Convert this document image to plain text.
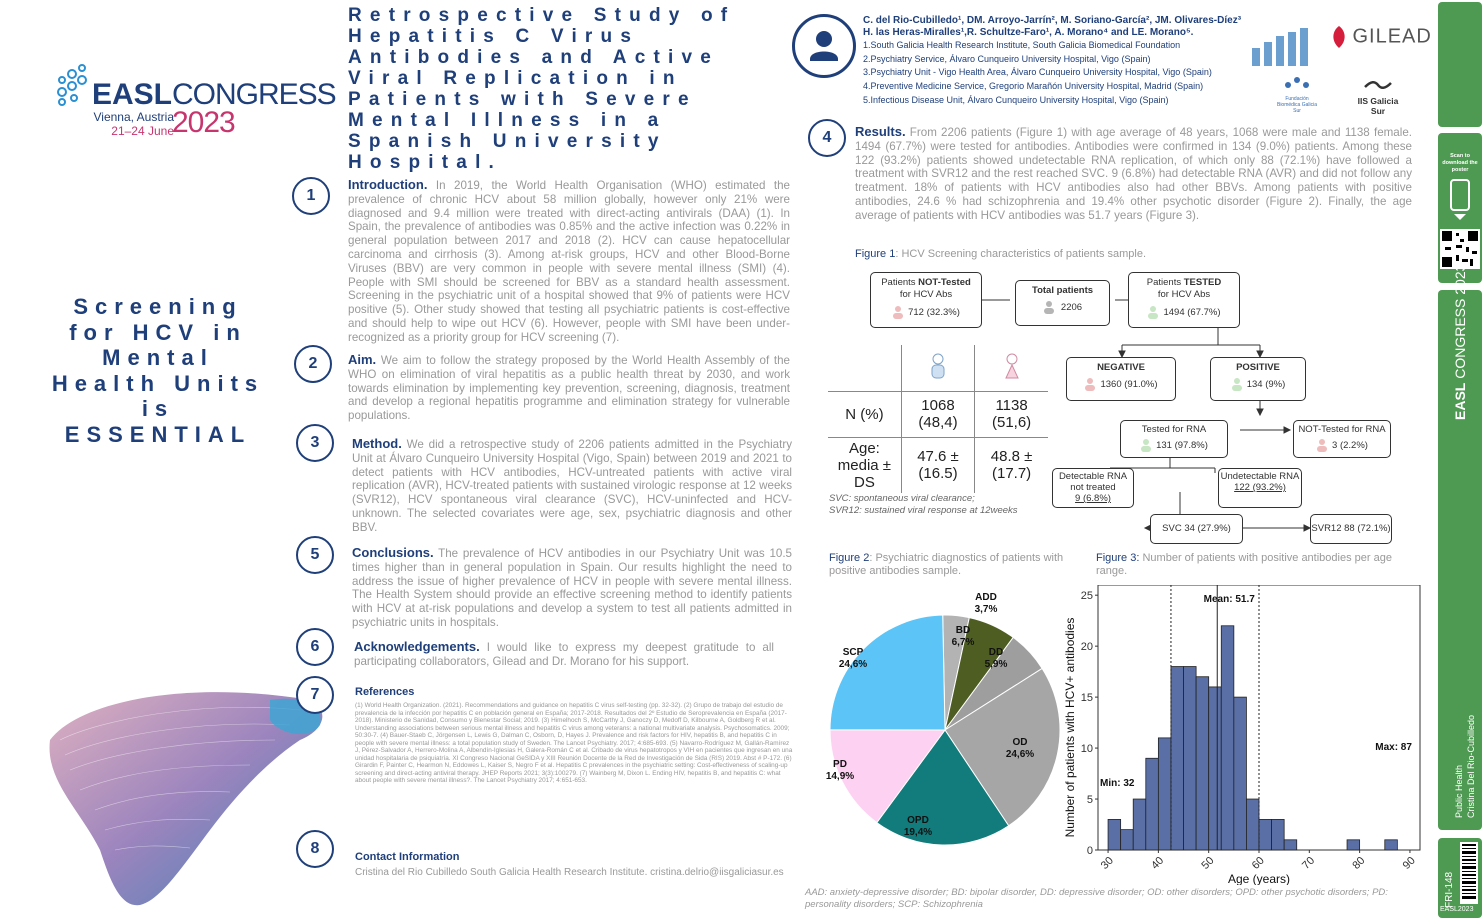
EASL CONGRESS
Vienna, Austria
21–24 June
2023
Retrospective Study of Hepatitis C Virus Antibodies and Active Viral Replication in Patients with Severe Mental Illness in a Spanish University Hospital.
Screening for HCV in Mental Health Units is ESSENTIAL
1
Introduction. In 2019, the World Health Organisation (WHO) estimated the prevalence of chronic HCV about 58 million globally, however only 21% were diagnosed and 9.4 million were treated with direct-acting antivirals (DAA) (1). In Spain, the prevalence of antibodies was 0.85% and the active infection was 0.22% in general population between 2017 and 2018 (2). HCV can cause hepatocellular carcinoma and cirrhosis (3). Among at-risk groups, HCV and other Blood-Borne Viruses (BBV) are very common in people with severe mental illness (SMI) (4). People with SMI should be screened for BBV as a standard health assessment. Screening in the psychiatric unit of a hospital showed that 9% of patients were HCV positive (5). Other study showed that testing all psychiatric patients is cost-effective and should help to wipe out HCV (6). However, people with SMI have been under-recognized as a priority group for HCV screening (7).
2	Aim. We aim to follow the strategy proposed by the World Health Assembly of the WHO on elimination of viral hepatitis as a public health threat by 2030, and work towards elimination by implementing key prevention, screening, diagnosis, treatment and develop a regional hepatitis programme and elimination strategy for vulnerable populations.
3	Method. We did a retrospective study of 2206 patients admitted in the Psychiatry Unit at Álvaro Cunqueiro University Hospital (Vigo, Spain) between 2019 and 2021 to detect patients with HCV antibodies, HCV-untreated patients with active viral replication (AVR), HCV-treated patients with sustained virologic response at 12 weeks (SVR12), HCV spontaneous viral clearance (SVC), HCV-uninfected and HCV-unknown. The selected covariates were age, sex, psychiatric diagnosis and other BBV.
5	Conclusions. The prevalence of HCV antibodies in our Psychiatry Unit was 10.5 times higher than in general population in Spain. Our results highlight the need to address the issue of higher prevalence of HCV in people with severe mental illness. The Health System should provide an effective screening method to identify patients with HCV at at-risk populations and develop a system to test all patients admitted in psychiatric units in hospitals.
6	Acknowledgements. I would like to express my deepest gratitude to all participating collaborators, Gilead and Dr. Morano for his support.
7	References
(1) World Health Organization. (2021). Recommendations and guidance on hepatitis C virus self-testing (pp. 32-32). (2) Grupo de trabajo del estudio de prevalencia de la infección por hepatitis C en población general en España; 2017-2018. Resultados del 2º Estudio de Seroprevalencia en España (2017-2018). Ministerio de Sanidad, Consumo y Bienestar Social; 2019. (3) Himelhoch S, McCarthy J, Ganoczy D, Medoff D, Kilbourne A, Goldberg R et al. Understanding associations between serious mental illness and hepatitis C virus among veterans: a national multivariate analysis. Psychosomatics. 2009; 50:30-7. (4) Bauer-Staeb C, Jörgensen L, Lewis G, Dalman C, Osborn, D, Hayes J. Prevalence and risk factors for HIV, hepatitis B, and hepatitis C in people with severe mental illness: a total population study of Sweden. The Lancet Psychiatry. 2017; 4:685-693. (5) Navarro-Rodríguez M, Gallán-Ramírez J, Pérez-Salvador A, Herrero-Molina A, Albendín-Iglesias H, Galera-Román C et al. Cribado de virus hepatotropos y VIH en pacientes que ingresan en una unidad hospitalaria de psiquiatría. XI Congreso Nacional GeSIDA y XIII Reunión Docente de la Red de Investigación de Sida (RIS) 2019. Abst # P-172. (6) Girardin F, Painter C, Hearmon N, Eddowes L, Kaiser S, Negro F et al. Hepatitis C prevalences in the psychiatric setting: Cost-effectiveness of scaling-up screening and direct-acting antiviral therapy. JHEP Reports 2021; 3(3):100279. (7) Wainberg M, Dixon L. Ending HIV, hepatitis B, and hepatitis C: what about people with severe mental illness?. The Lancet Psychiatry 2017; 4:651-653.
8	Contact Information
Cristina del Rio Cubilledo South Galicia Health Research Institute. cristina.delrio@iisgaliciasur.es
C. del Rio-Cubilledo¹, DM. Arroyo-Jarrín², M. Soriano-García², JM. Olivares-Díez³
H. las Heras-Miralles¹,R. Schultze-Faro¹, A. Morano⁴ and LE. Morano⁵.
1.South Galicia Health Research Institute, South Galicia Biomedical Foundation
2.Psychiatry Service, Álvaro Cunqueiro University Hospital, Vigo (Spain)
3.Psychiatry Unit - Vigo Health Area, Álvaro Cunqueiro University Hospital, Vigo (Spain)
4.Preventive Medicine Service, Gregorio Marañón University Hospital, Madrid (Spain)
5.Infectious Disease Unit, Álvaro Cunqueiro University Hospital, Vigo (Spain)
GILEAD
Fundación Biomédica Galicia Sur
IIS Galicia Sur
4	Results. From 2206 patients (Figure 1) with age average of 48 years, 1068 were male and 1138 female. 1494 (67.7%) were tested for antibodies. Antibodies were confirmed in 134 (9.0%) patients. Among these 122 (93.2%) patients showed undetectable RNA replication, of which only 88 (72.1%) have followed a treatment with SVR12 and the rest reached SVC. 9 (6.8%) had detectable RNA (AVR) and did not follow any treatment. 18% of patients with HCV antibodies also had other BBVs. Among patients with positive antibodies, 24.6 % had schizophrenia and 19.4% other psychotic disorder (Figure 2). Finally, the age average of patients with HCV antibodies was 51.7 years (Figure 3).
Figure 1: HCV Screening characteristics of patients sample.
Patients NOT-Tested
for HCV Abs
712 (32.3%)
Total patients
2206
Patients TESTED
for HCV Abs
1494 (67.7%)
NEGATIVE
1360 (91.0%)
POSITIVE
134 (9%)
Tested for RNA
131 (97.8%)
NOT-Tested for RNA
3 (2.2%)
Detectable RNA not treated
9 (6.8%)
Undetectable RNA
122 (93.2%)
SVC 34 (27.9%)	SVR12 88 (72.1%)

N (%)	1068 (48,4)	1138 (51,6)
Age: media ± DS	47.6 ± (16.5)	48.8 ± (17.7)
SVC: spontaneous viral clearance;
SVR12: sustained viral response at 12weeks
Figure 2: Psychiatric diagnostics of patients with positive antibodies sample.
ADD 3,7%
BD 6,7%
DD 5,9%
OD 24,6%
OPD 19,4%
PD 14,9%
SCP 24,6%
Figure 3: Number of patients with positive antibodies per age range.
0
5
10
15
20
25
30	40	50	60	70	80	90
Mean: 51.7
Min: 32
Max: 87
Age (years)
Number of patients with HCV+ antibodies
AAD: anxiety-depressive disorder; BD: bipolar disorder, DD: depressive disorder; OD: other disorders; OPD: other psychotic disorders; PD: personality disorders; SCP: Schizophrenia
Scan to download the poster

EASL CONGRESS 2023
Public Health Cristina Del Rio-Cubilledo
FRI-148
EASL2023
